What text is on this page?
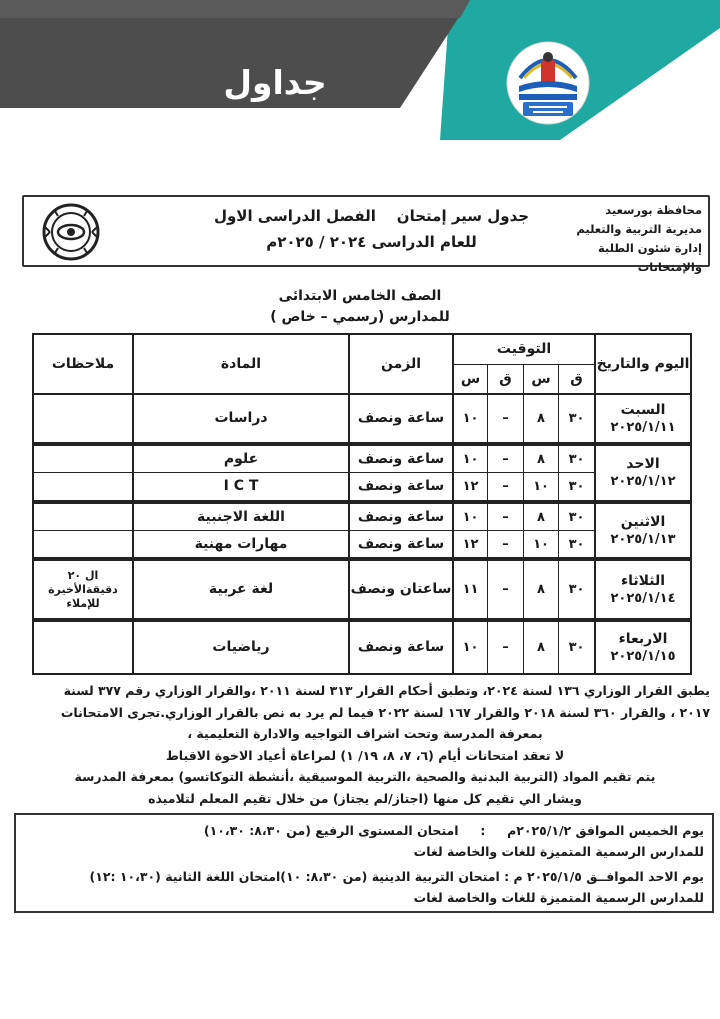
جداول امتحانات
محافظة بورسعيد
مديرية التربية والتعليم
إدارة شئون الطلبة والإمتحانات
جدول سير إمتحان    الفصل الدراسى الاول
للعام الدراسى ٢٠٢٤ / ٢٠٢٥م
الصف الخامس الابتدائى
للمدارس (رسمي – خاص )
اليوم والتاريخ
التوقيت
ق
س
ق
س
الزمن
المادة
ملاحظات
السبت
٢٠٢٥/١/١١
الاحد
٢٠٢٥/١/١٢
الاثنين
٢٠٢٥/١/١٣
الثلاثاء
٢٠٢٥/١/١٤
الاربعاء
٢٠٢٥/١/١٥
٣٠
٨
–
١٠
ساعة ونصف
دراسات
٣٠
٨
–
١٠
ساعة ونصف
علوم
٣٠
١٠
–
١٢
ساعة ونصف
I C T
٣٠
٨
–
١٠
ساعة ونصف
اللغة الاجنبية
٣٠
١٠
–
١٢
ساعة ونصف
مهارات مهنية
٣٠
٨
–
١١
ساعتان ونصف
لغة عربية
ال ٢٠ دقيقةالأخيرة للإملاء
٣٠
٨
–
١٠
ساعة ونصف
رياضيات

يطبق القرار الوزاري ١٣٦ لسنة ٢٠٢٤، وتطبق أحكام القرار ٣١٣ لسنة ٢٠١١ ،والقرار الوزاري رقم ٣٧٧ لسنة

٢٠١٧ ، والقرار ٣٦٠ لسنة ٢٠١٨ والقرار ١٦٧ لسنة ٢٠٢٢ فيما لم يرد به نص بالقرار الوزاري.تجرى الامتحانات

بمعرفة المدرسة وتحت اشراف التواجيه والادارة التعليمية ،

لا تعقد امتحانات أيام (٦، ٧، ٨، ١٩/ ١) لمراعاة أعياد الاخوة الاقباط

يتم تقيم المواد (التربية البدنية والصحية ،التربية الموسيقية ،أنشطة التوكاتسو) بمعرفة المدرسة

ويشار الي تقيم كل منها (اجتاز/لم يجتاز) من خلال تقيم المعلم لتلاميذه

يوم الخميس الموافق ٢٠٢٥/١/٢م     :     امتحان المستوى الرفيع (من ٨،٣٠: ١٠،٣٠)

للمدارس الرسمية المتميزة للغات والخاصة لغات

يوم الاحد الموافــق ٢٠٢٥/١/٥ م : امتحان التربية الدينية (من ٨،٣٠: ١٠)امتحان اللغة الثانية (١٠،٣٠ :١٢)

للمدارس الرسمية المتميزة للغات والخاصة لغات
